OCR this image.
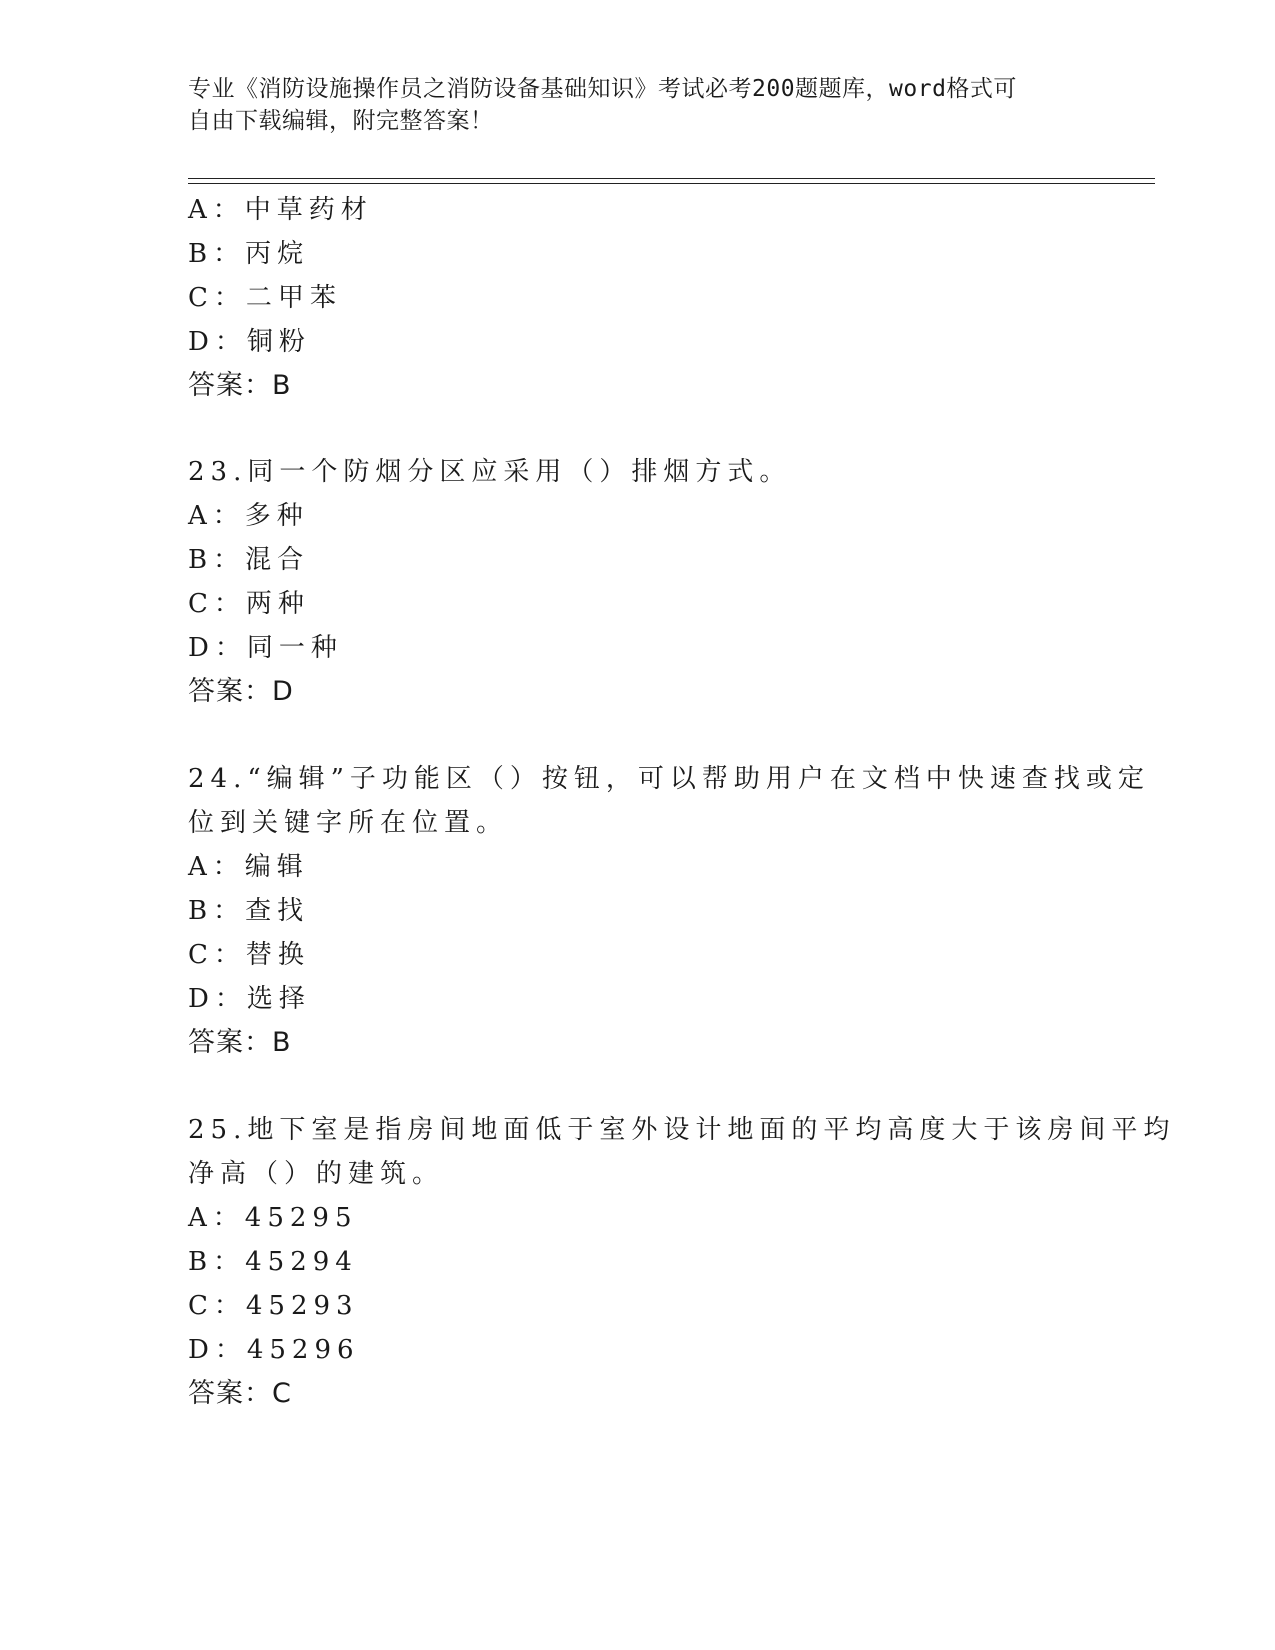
专业《消防设施操作员之消防设备基础知识》考试必考200题题库，word格式可
自由下载编辑，附完整答案！
A：中草药材
B：丙烷
C：二甲苯
D：铜粉
答案：B
23.同一个防烟分区应采用（）排烟方式。
A：多种
B：混合
C：两种
D：同一种
答案：D
24.“编辑”子功能区（）按钮，可以帮助用户在文档中快速查找或定
位到关键字所在位置。
A：编辑
B：查找
C：替换
D：选择
答案：B
25.地下室是指房间地面低于室外设计地面的平均高度大于该房间平均
净高（）的建筑。
A：45295
B：45294
C：45293
D：45296
答案：C
